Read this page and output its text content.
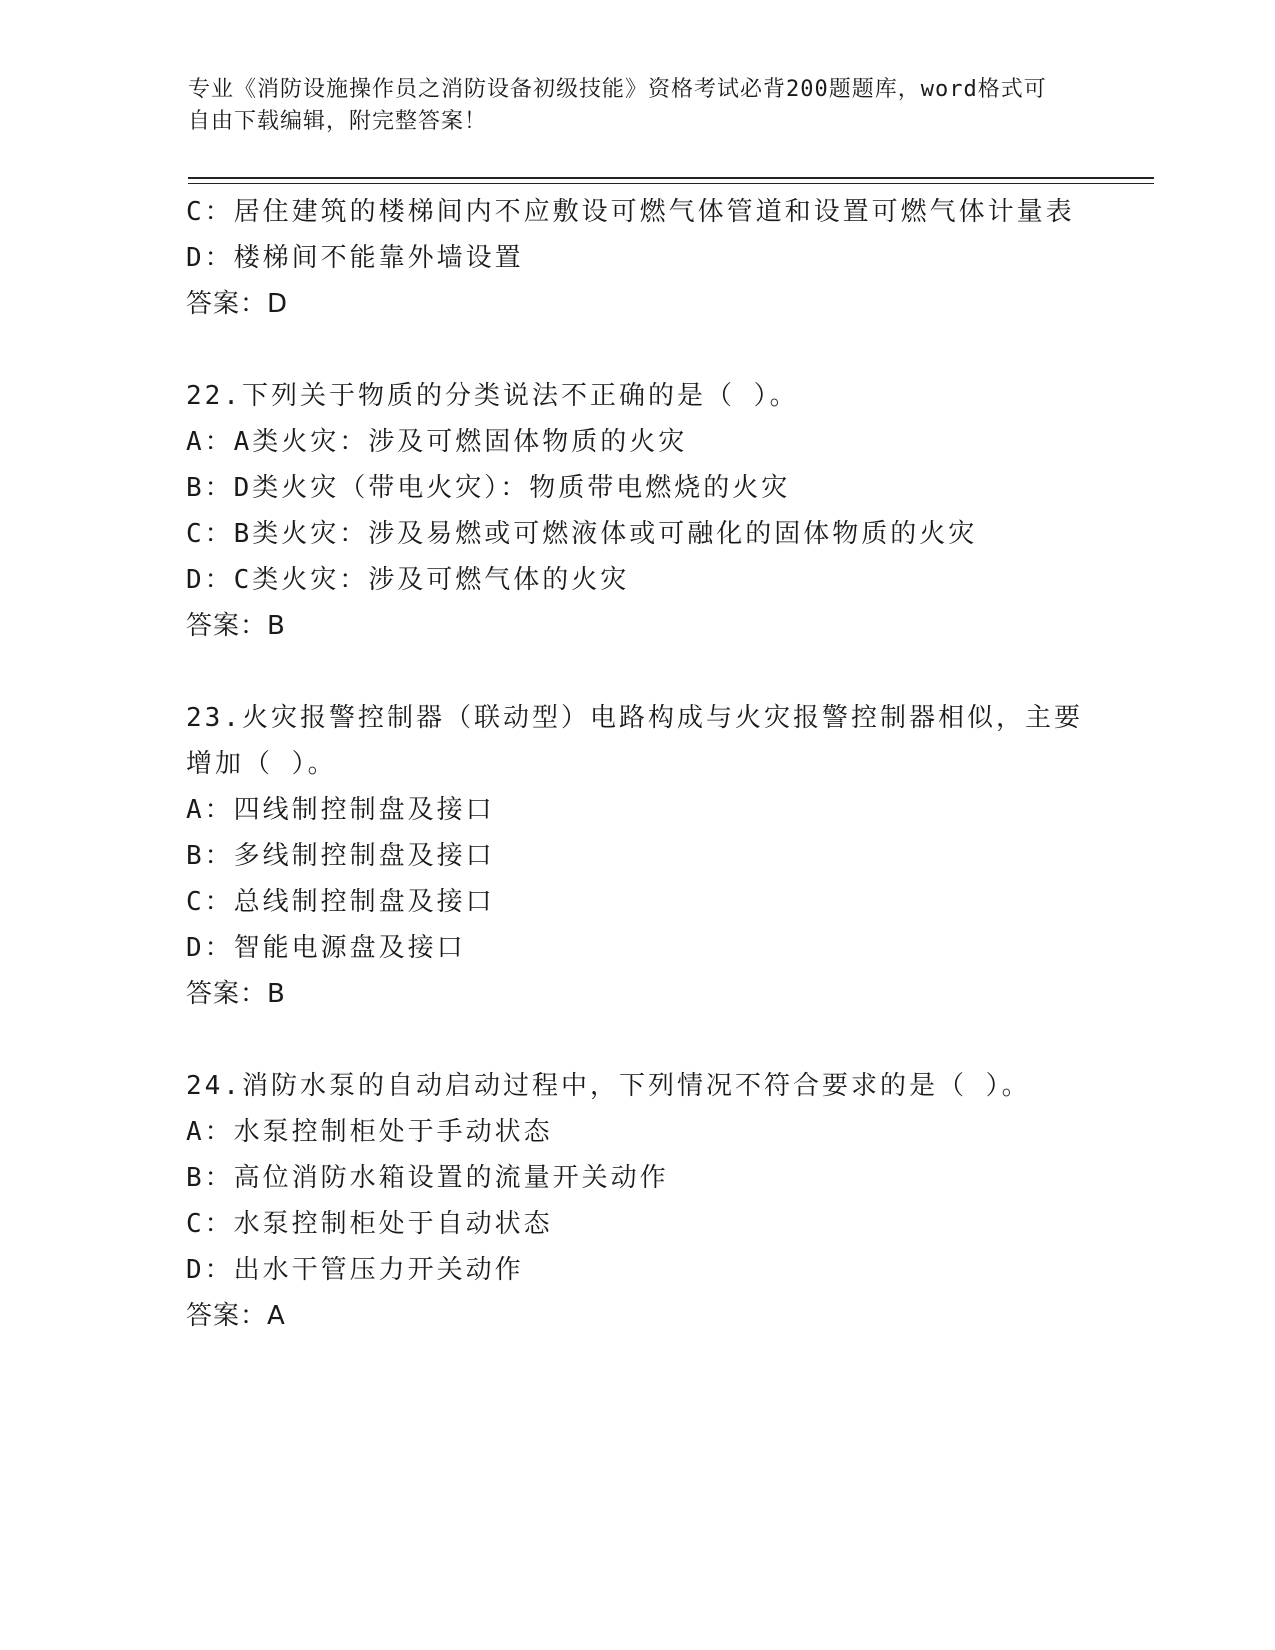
专业《消防设施操作员之消防设备初级技能》资格考试必背200题题库，word格式可自由下载编辑，附完整答案！
C：居住建筑的楼梯间内不应敷设可燃气体管道和设置可燃气体计量表
D：楼梯间不能靠外墙设置
答案：D
22.下列关于物质的分类说法不正确的是（ ）。
A：A类火灾：涉及可燃固体物质的火灾
B：D类火灾（带电火灾）：物质带电燃烧的火灾
C：B类火灾：涉及易燃或可燃液体或可融化的固体物质的火灾
D：C类火灾：涉及可燃气体的火灾
答案：B
23.火灾报警控制器（联动型）电路构成与火灾报警控制器相似，主要增加（ ）。
A：四线制控制盘及接口
B：多线制控制盘及接口
C：总线制控制盘及接口
D：智能电源盘及接口
答案：B
24.消防水泵的自动启动过程中，下列情况不符合要求的是（ ）。
A：水泵控制柜处于手动状态
B：高位消防水箱设置的流量开关动作
C：水泵控制柜处于自动状态
D：出水干管压力开关动作
答案：A
